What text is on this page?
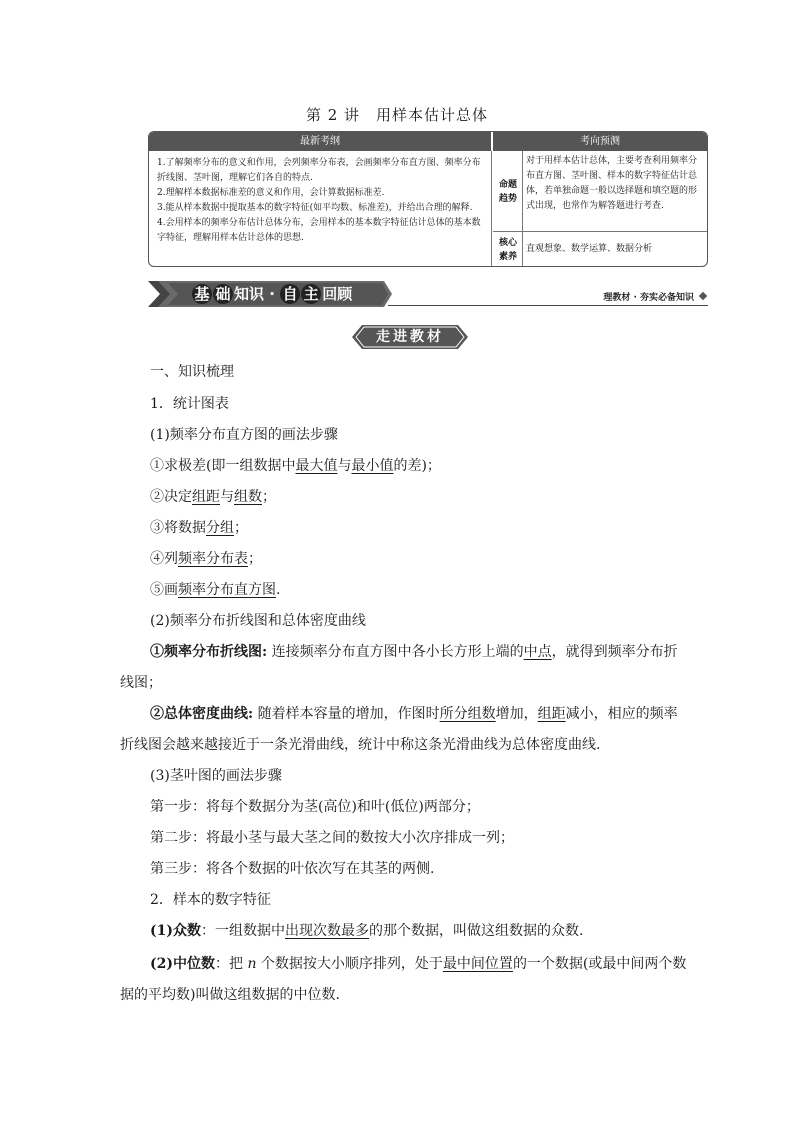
第 2 讲　用样本估计总体
最新考纲	考向预测
1.了解频率分布的意义和作用，会列频率分布表，会画频率分布直方图、频率分布折线图、茎叶图，理解它们各自的特点.
2.理解样本数据标准差的意义和作用，会计算数据标准差.
3.能从样本数据中提取基本的数字特征(如平均数、标准差)，并给出合理的解释.
4.会用样本的频率分布估计总体分布，会用样本的基本数字特征估计总体的基本数字特征，理解用样本估计总体的思想.
命题
趋势
对于用样本估计总体，主要考查利用频率分布直方图、茎叶图、样本的数字特征估计总体，若单独命题一般以选择题和填空题的形式出现，也常作为解答题进行考查.
核心
素养
直观想象、数学运算、数据分析
基 础 知识 · 自 主 回顾	理教材 · 夯实必备知识
走进教材
一、知识梳理
1．统计图表
(1)频率分布直方图的画法步骤
①求极差(即一组数据中最大值与最小值的差)；
②决定组距与组数；
③将数据分组；
④列频率分布表；
⑤画频率分布直方图.
(2)频率分布折线图和总体密度曲线
①频率分布折线图: 连接频率分布直方图中各小长方形上端的中点，就得到频率分布折
线图；
②总体密度曲线: 随着样本容量的增加，作图时所分组数增加，组距减小，相应的频率
折线图会越来越接近于一条光滑曲线，统计中称这条光滑曲线为总体密度曲线.
(3)茎叶图的画法步骤
第一步：将每个数据分为茎(高位)和叶(低位)两部分；
第二步：将最小茎与最大茎之间的数按大小次序排成一列；
第三步：将各个数据的叶依次写在其茎的两侧.
2．样本的数字特征
(1)众数：一组数据中出现次数最多的那个数据，叫做这组数据的众数.
(2)中位数：把 n 个数据按大小顺序排列，处于最中间位置的一个数据(或最中间两个数
据的平均数)叫做这组数据的中位数.
